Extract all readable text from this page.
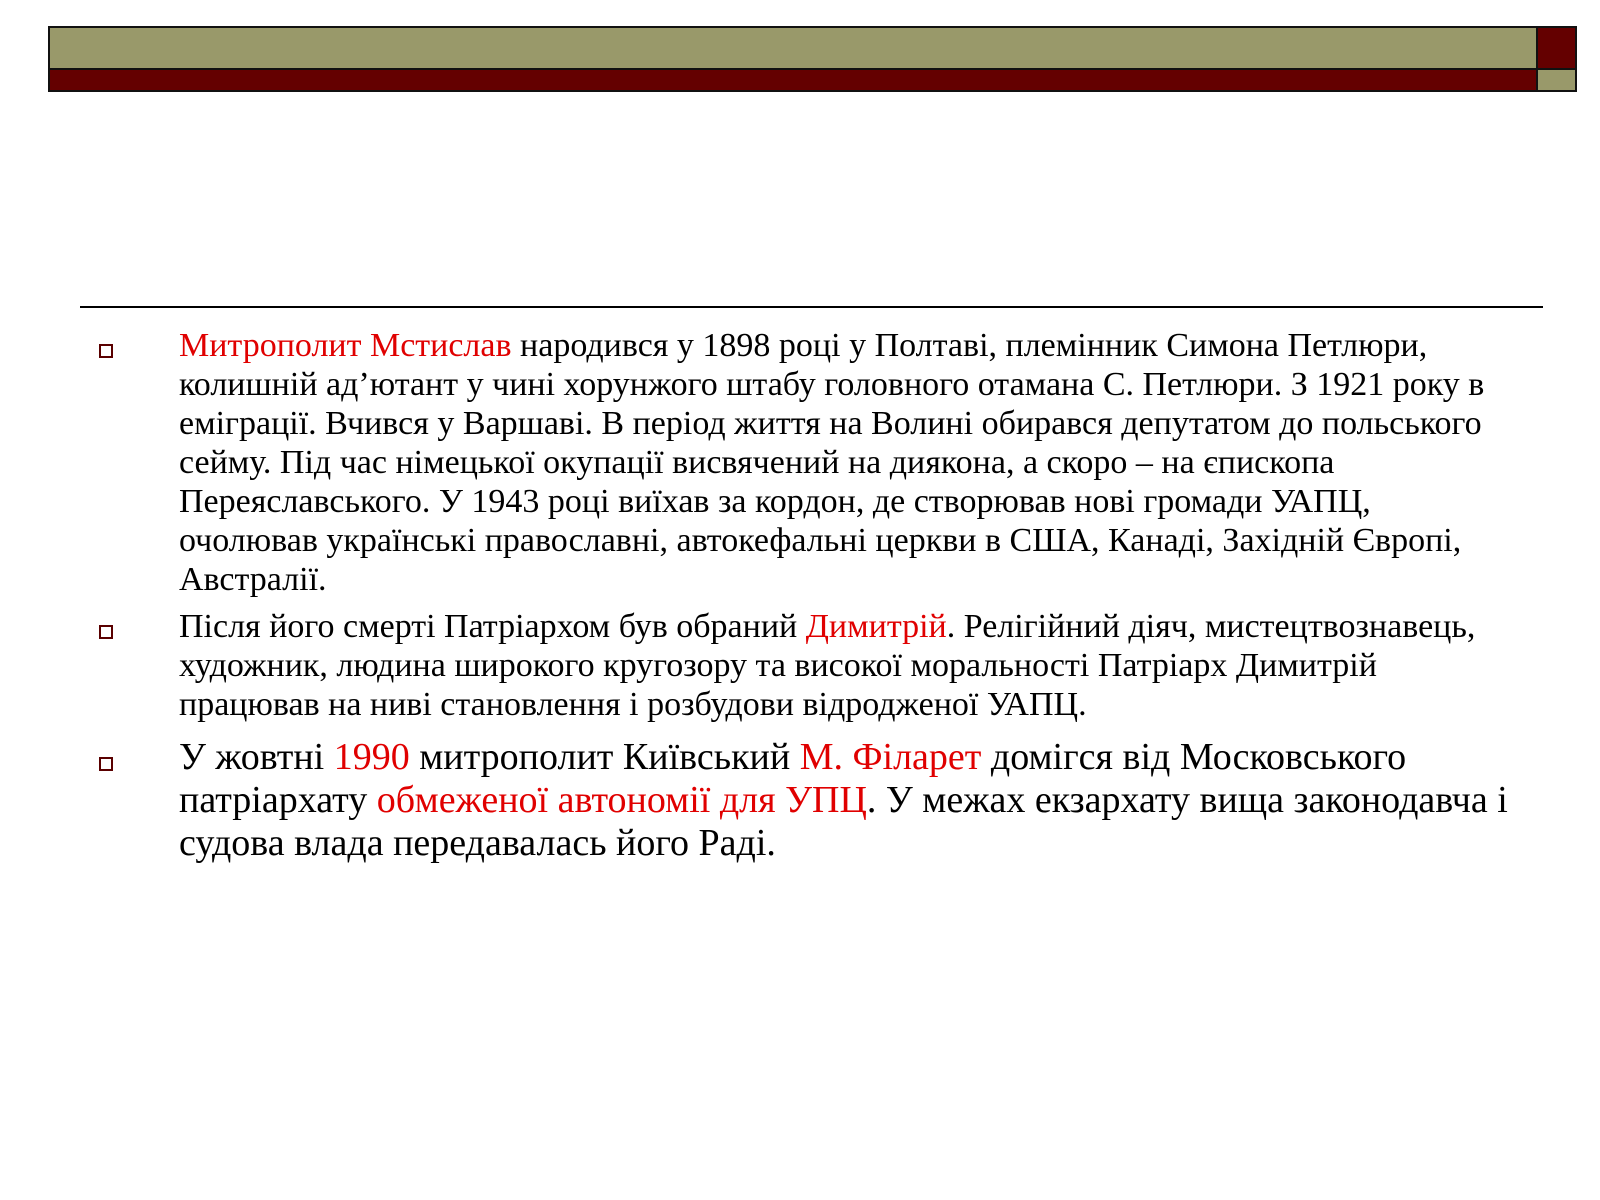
Митрополит Мстислав народився у 1898 році у Полтаві, племінник Симона Петлюри, колишній ад’ютант у чині хорунжого штабу головного отамана С. Петлюри. З 1921 року в еміграції. Вчився у Варшаві. В період життя на Волині обирався депутатом до польського сейму. Під час німецької окупації висвячений на диякона, а скоро – на єпископа Переяславського. У 1943 році виїхав за кордон, де створював нові громади УАПЦ, очолював українські православні, автокефальні церкви в США, Канаді, Західній Європі, Австралії.
Після його смерті Патріархом був обраний Димитрій. Релігійний діяч, мистецтвознавець, художник, людина широкого кругозору та високої моральності Патріарх Димитрій працював на ниві становлення і розбудови відродженої УАПЦ.
У жовтні 1990 митрополит Київський М. Філарет домігся від Московського патріархату обмеженої автономії для УПЦ. У межах екзархату вища законодавча і судова влада передавалась його Раді.
